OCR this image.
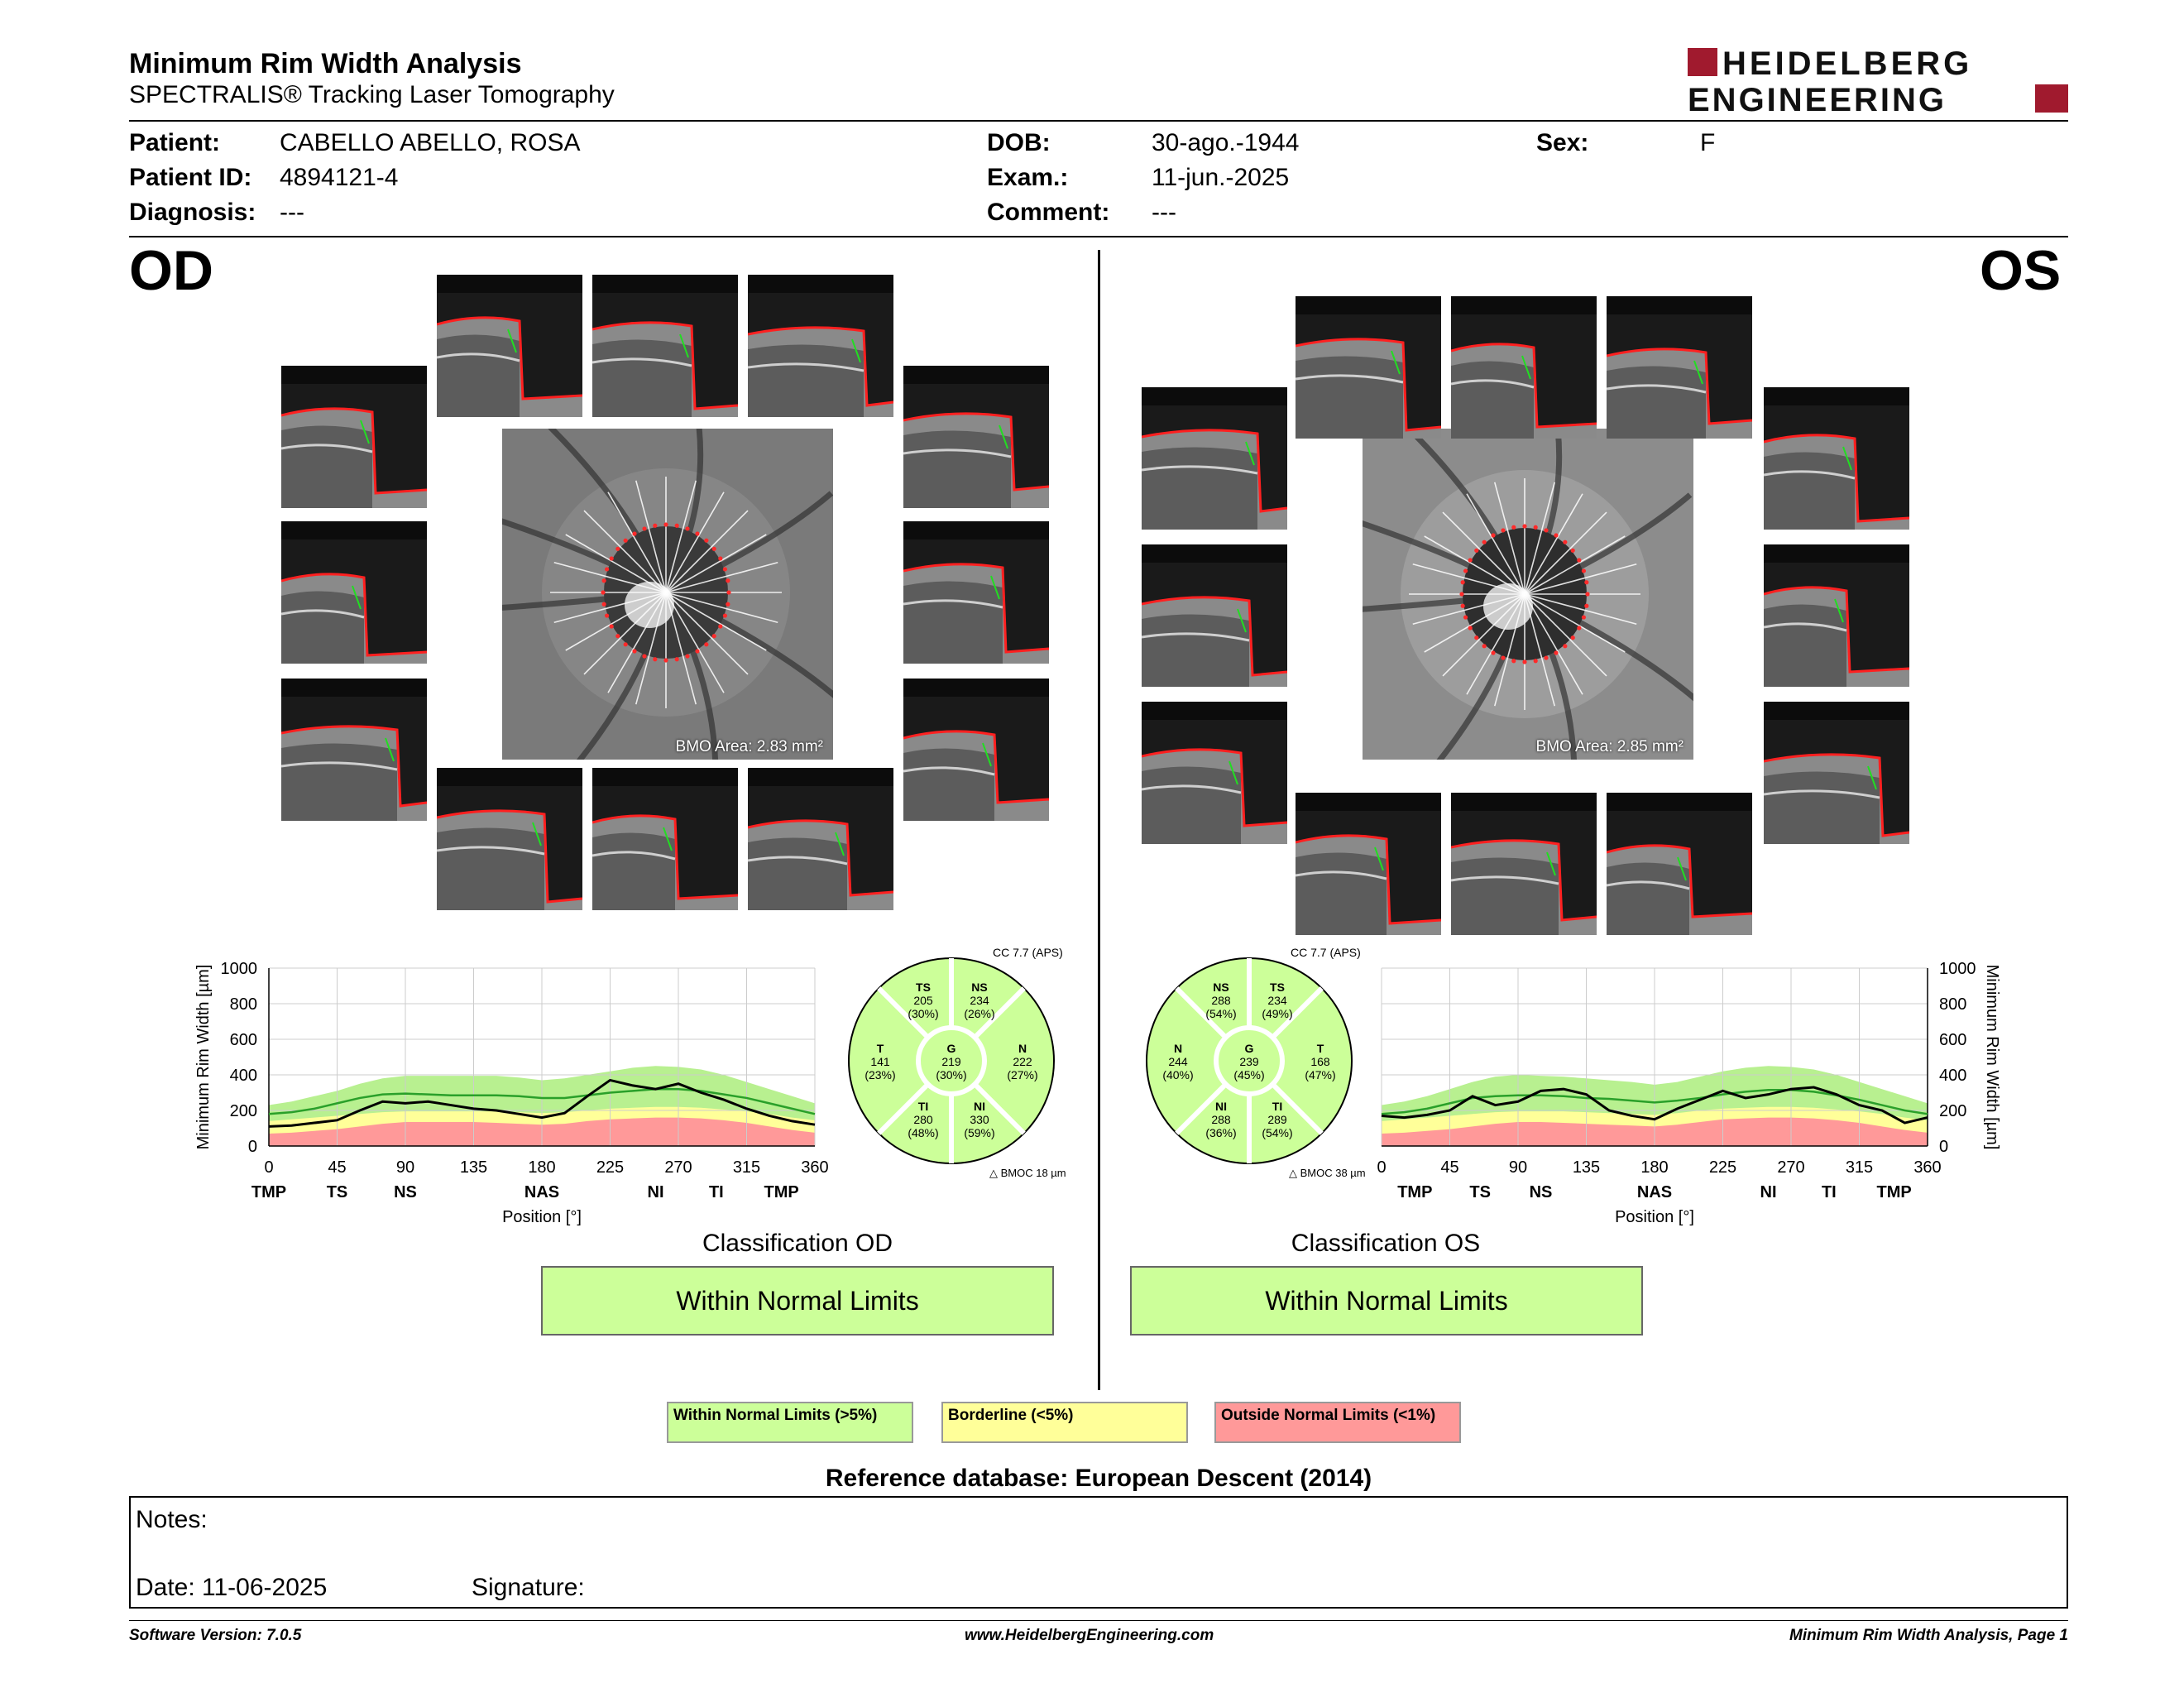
Minimum Rim Width Analysis
SPECTRALIS® Tracking Laser Tomography
HEIDELBERG
ENGINEERING
Patient: CABELLO ABELLO, ROSA
Patient ID: 4894121-4
Diagnosis: ---
DOB:	30-ago.-1944
Exam.:	11-jun.-2025
Comment: ---
Sex:	F
OD	OS
BMO Area: 2.83 mm²	BMO Area: 2.85 mm²
0	45	90	135 180 225 270 315 360
0
200
400
600
800
1000
TMP TS	NS	NAS	NI	TI TMP
Position [°]
Minimum Rim Width [µm]
0	45	90	135 180 225 270 315 360
0
200
400
600
800
1000
TMP TS NS	NAS	NI	TI TMP
Position [°]
Minimum Rim Width [µm]
TS
205
(30%)
NS
234
(26%)
T
141
(23%)
G
219
(30%)
N
222
(27%)
TI
280
(48%)
NI
330
(59%)
CC 7.7 (APS)
△ BMOC 18 µm
NS
288
(54%)
TS
234
(49%)
N
244
(40%)
G
239
(45%)
T
168
(47%)
NI
288
(36%)
TI
289
(54%)
CC 7.7 (APS)
△ BMOC 38 µm
Classification OD
Within Normal Limits
Classification OS
Within Normal Limits
Within Normal Limits (>5%)	Borderline (<5%)	Outside Normal Limits (<1%)
Reference database: European Descent (2014)
Notes:
Date: 11-06-2025	Signature:
Software Version: 7.0.5	www.HeidelbergEngineering.com	Minimum Rim Width Analysis, Page 1
